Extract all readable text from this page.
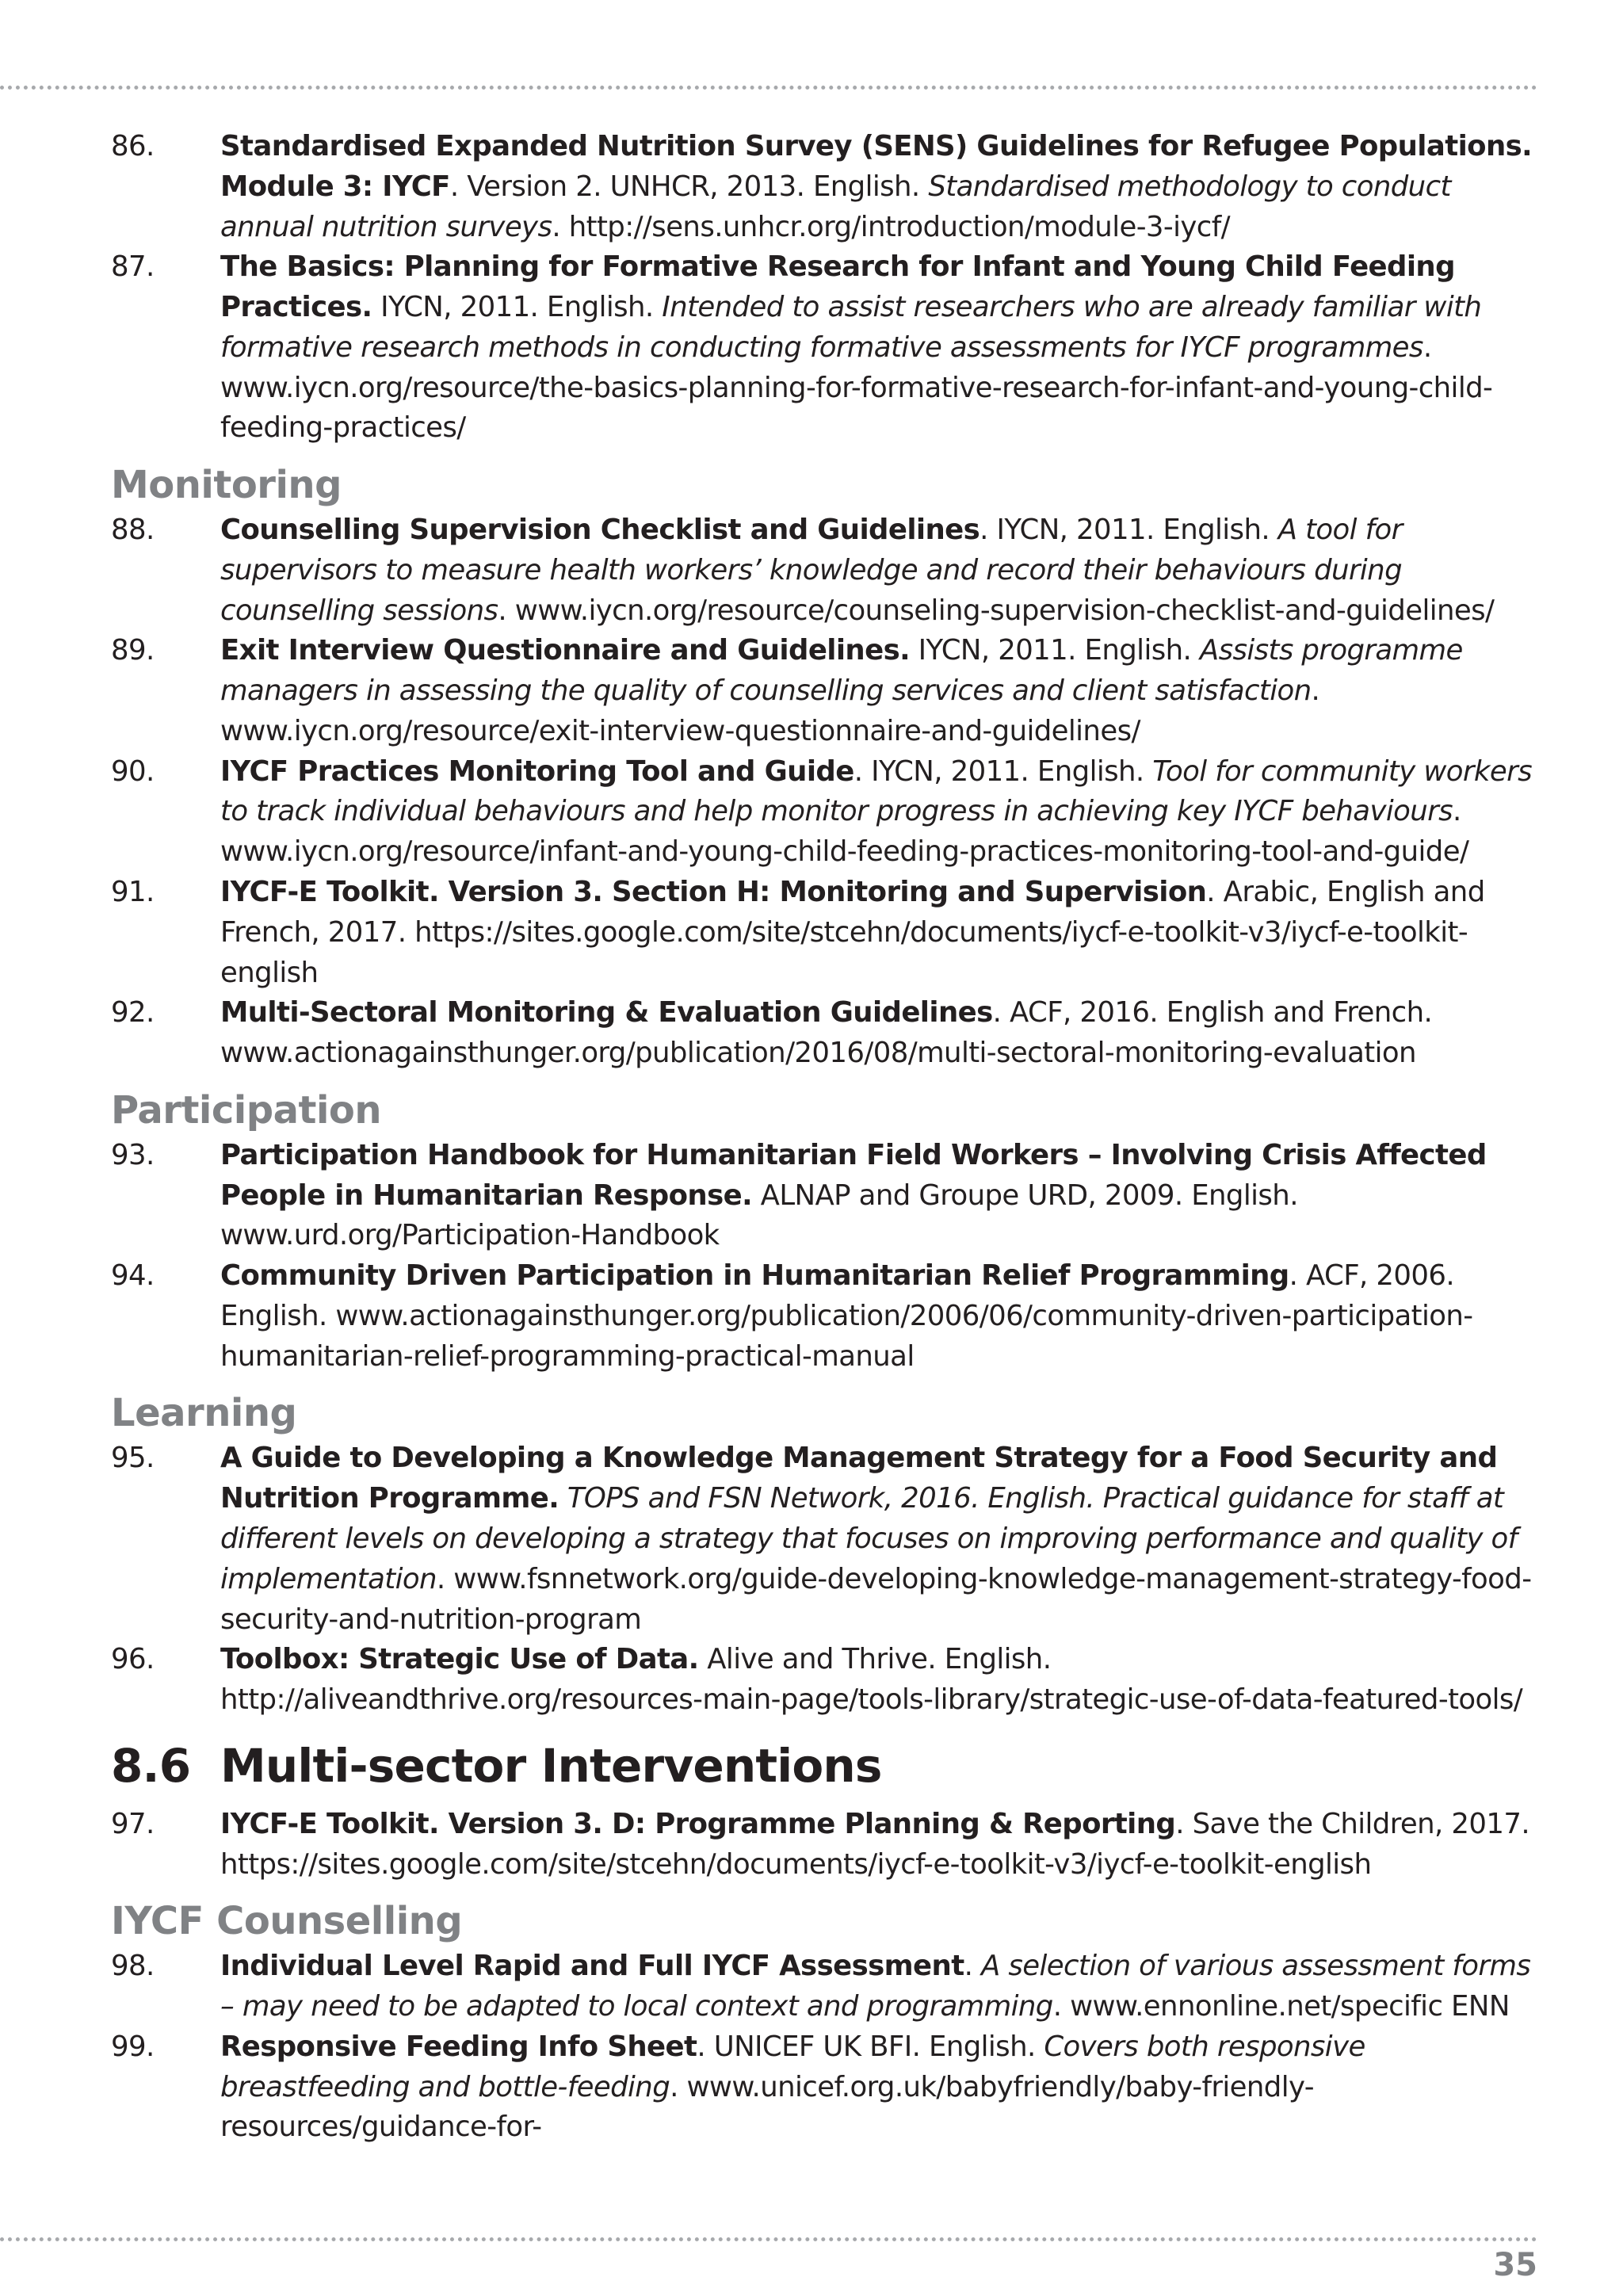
86. Standardised Expanded Nutrition Survey (SENS) Guidelines for Refugee Populations. Module 3: IYCF. Version 2. UNHCR, 2013. English. Standardised methodology to conduct annual nutrition surveys. http://sens.unhcr.org/introduction/module-3-iycf/
87. The Basics: Planning for Formative Research for Infant and Young Child Feeding Practices. IYCN, 2011. English. Intended to assist researchers who are already familiar with formative research methods in conducting formative assessments for IYCF programmes. www.iycn.org/resource/the-basics-planning-for-formative-research-for-infant-and-young-child-feeding-practices/
Monitoring
88. Counselling Supervision Checklist and Guidelines. IYCN, 2011. English. A tool for supervisors to measure health workers’ knowledge and record their behaviours during counselling sessions. www.iycn.org/resource/counseling-supervision-checklist-and-guidelines/
89. Exit Interview Questionnaire and Guidelines. IYCN, 2011. English. Assists programme managers in assessing the quality of counselling services and client satisfaction. www.iycn.org/resource/exit-interview-questionnaire-and-guidelines/
90. IYCF Practices Monitoring Tool and Guide. IYCN, 2011. English. Tool for community workers to track individual behaviours and help monitor progress in achieving key IYCF behaviours. www.iycn.org/resource/infant-and-young-child-feeding-practices-monitoring-tool-and-guide/
91. IYCF-E Toolkit. Version 3. Section H: Monitoring and Supervision. Arabic, English and French, 2017. https://sites.google.com/site/stcehn/documents/iycf-e-toolkit-v3/iycf-e-toolkit-english
92. Multi-Sectoral Monitoring & Evaluation Guidelines. ACF, 2016. English and French. www.actionagainsthunger.org/publication/2016/08/multi-sectoral-monitoring-evaluation
Participation
93. Participation Handbook for Humanitarian Field Workers – Involving Crisis Affected People in Humanitarian Response. ALNAP and Groupe URD, 2009. English. www.urd.org/Participation-Handbook
94. Community Driven Participation in Humanitarian Relief Programming. ACF, 2006. English. www.actionagainsthunger.org/publication/2006/06/community-driven-participation-humanitarian-relief-programming-practical-manual
Learning
95. A Guide to Developing a Knowledge Management Strategy for a Food Security and Nutrition Programme. TOPS and FSN Network, 2016. English. Practical guidance for staff at different levels on developing a strategy that focuses on improving performance and quality of implementation. www.fsnnetwork.org/guide-developing-knowledge-management-strategy-food-security-and-nutrition-program
96. Toolbox: Strategic Use of Data. Alive and Thrive. English. http://aliveandthrive.org/resources-main-page/tools-library/strategic-use-of-data-featured-tools/
8.6 Multi-sector Interventions
97. IYCF-E Toolkit. Version 3. D: Programme Planning & Reporting. Save the Children, 2017. https://sites.google.com/site/stcehn/documents/iycf-e-toolkit-v3/iycf-e-toolkit-english
IYCF Counselling
98. Individual Level Rapid and Full IYCF Assessment. A selection of various assessment forms – may need to be adapted to local context and programming. www.ennonline.net/specific ENN
99. Responsive Feeding Info Sheet. UNICEF UK BFI. English. Covers both responsive breastfeeding and bottle-feeding. www.unicef.org.uk/babyfriendly/baby-friendly-resources/guidance-for-
35
